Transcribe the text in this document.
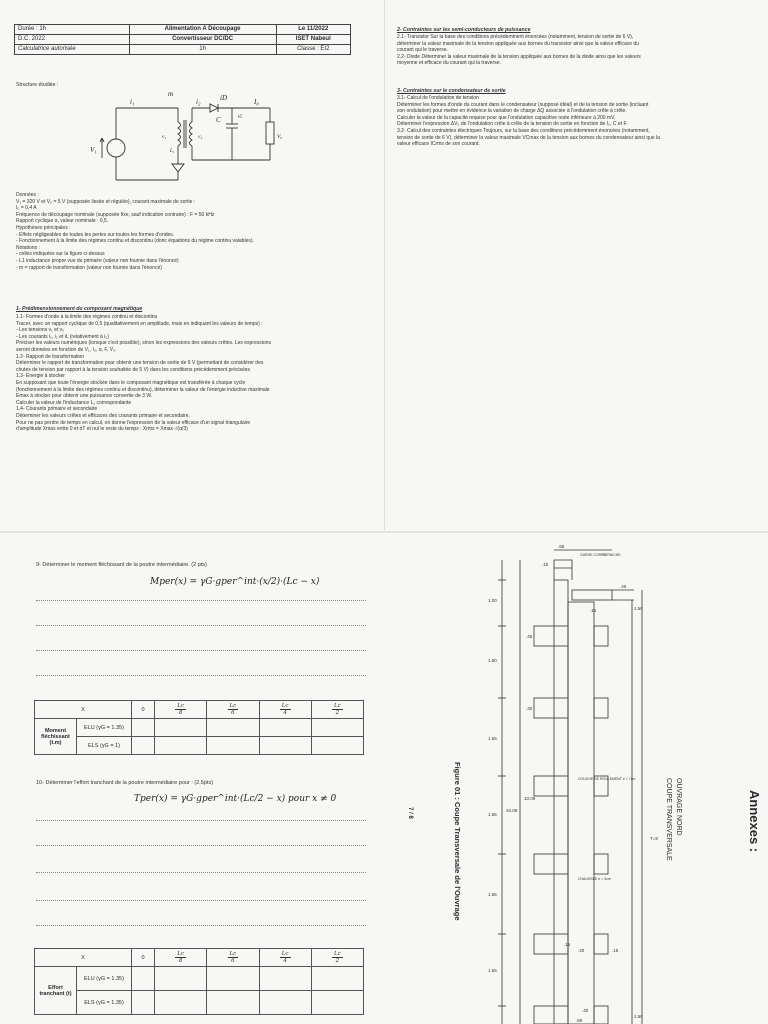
Durée : 1h	Alimentation A Découpage	Le 11/2022
D.C. 2022	Convertisseur DC/DC	ISET Nabeul
Calculatrice autorisée	1h	Classe : EI2
Structure étudiée :
V₁
m
i₁	iD
i₂	I₀
C	iC
v₁	v₂	V₀
L₁
Données :
V₁ = 320 V et V₀ = 5 V (supposée lissée et régulée), courant maximale de sortie :
I₀ = 0,4 A
Fréquence de découpage nominale (supposée fixe, sauf indication contraire) : F = 50 kHz
Rapport cyclique α, valeur nominale : 0,5.
Hypothèses principales :
- Effets négligeables de toutes les pertes sur toutes les formes d'ondes.
- Fonctionnement à la limite des régimes continu et discontinu (donc équations du régime continu valables).
Notations :
- celles indiquées sur la figure ci-dessus
- L1 inductance propre vue du primaire (valeur non fournie dans l'énoncé)
- m = rapport de transformation (valeur non fournie dans l'énoncé)
1- Prédimensionnement du composant magnétique
1.1- Formes d'onde à la limite des régimes continu et discontinu
Tracer, avec un rapport cyclique de 0,5 (qualitativement en amplitude, mais en indiquant les valeurs de temps) :
- Les tensions v₁ et v₂
- Les courants i₁, i₂ et iL (relativement à i₀)
Préciser les valeurs numériques (lorsque c'est possible), sinon les expressions des valeurs crêtes. Les expressions
seront données en fonction de V₁, I₀, α, F, V₀.
1.2- Rapport de transformation
Déterminer le rapport de transformation pour obtenir une tension de sortie de 6 V (permettant de considérer des
chutes de tension par rapport à la tension souhaitée de 5 V) dans les conditions précédemment précisées
1.3- Energie à stocker
En supposant que toute l'énergie stockée dans le composant magnétique est transférée à chaque cycle
(fonctionnement à la limite des régimes continu et discontinu), déterminer la valeur de l'énergie inductive maximale
Emax à stocker pour obtenir une puissance convertie de 3 W.
Calculer la valeur de l'inductance L₁ correspondante
1.4- Courants primaire et secondaire
Déterminer les valeurs crêtes et efficaces des courants primaire et secondaire.
Pour ne pas perdre de temps en calcul, on donne l'expression de la valeur efficace d'un signal triangulaire
d'amplitude Xmax entre 0 et αT et nul le reste du temps : Xrms = Xmax·√(α/3)
2- Contraintes sur les semi-conducteurs de puissance
2.1- Transistor Sur la base des conditions précédemment énoncées (notamment, tension de sortie de 6 V),
déterminer la valeur maximale de la tension appliquée aux bornes du transistor ainsi que la valeur efficace du
courant qui le traverse.
2.2- Diode Déterminer la valeur maximale de la tension appliquée aux bornes de la diode ainsi que les valeurs
moyenne et efficace du courant qui la traverse.
3- Contraintes sur le condensateur de sortie
3.1- Calcul de l'ondulation de tension
Déterminer les formes d'onde du courant dans le condensateur (supposé idéal) et de la tension de sortie (incluant
son ondulation) pour mettre en évidence la variation de charge ΔQ associée à l'ondulation crête à crête.
Calculer la valeur de la capacité requise pour que l'ondulation capacitive reste inférieure à 200 mV.
Déterminer l'expression ΔV₀ de l'ondulation crête à crête de la tension de sortie en fonction de I₀, C et F.
3.2- Calcul des contraintes électriques Toujours, sur la base des conditions précédemment énoncées (notamment,
tension de sortie de 6 V), déterminer la valeur maximale VCmax de la tension aux bornes du condensateur ainsi que la
valeur efficace ICrms de son courant.
9- Déterminer le moment fléchissant de la poutre intermédiaire. (2 pts)
Mper(x) = γG·gper^int·(x/2)·(Lc − x)
X		0	$\frac{Lc}{8}$	$\frac{Lc}{6}$	$\frac{Lc}{4}$	$\frac{Lc}{2}$

Moment fléchissant (t.m)	ELU (γG = 1.35)					
	ELS (γG = 1)					
10- Déterminer l'effort tranchant de la poutre intermédiaire pour : (2.5pts)
Tper(x) = γG·gper^int·(Lc/2 − x) pour x ≠ 0
X		0	$\frac{Lc}{8}$	$\frac{Lc}{6}$	$\frac{Lc}{4}$	$\frac{Lc}{2}$

Effort tranchant (t)	ELU (γG = 1.35)					
	ELS (γG = 1.35)					
7 / 8	Annexes :
OUVRAGE NORD
COUPE TRANSVERSALE
Figure 01 : Coupe Transversale de l'Ouvrage
.55
.15
.15
.40
1.00
.45
1.80
.30
1.55
1.55
1.55
1.55
.15
.40	.15
.40
.80
10.09
1.50
1.50
CORNICHE
GARDE CORPS
COUCHE DE ROULEMENT e = 7cm
CHAUSSÉE e = 3cm
T=9
10.09
